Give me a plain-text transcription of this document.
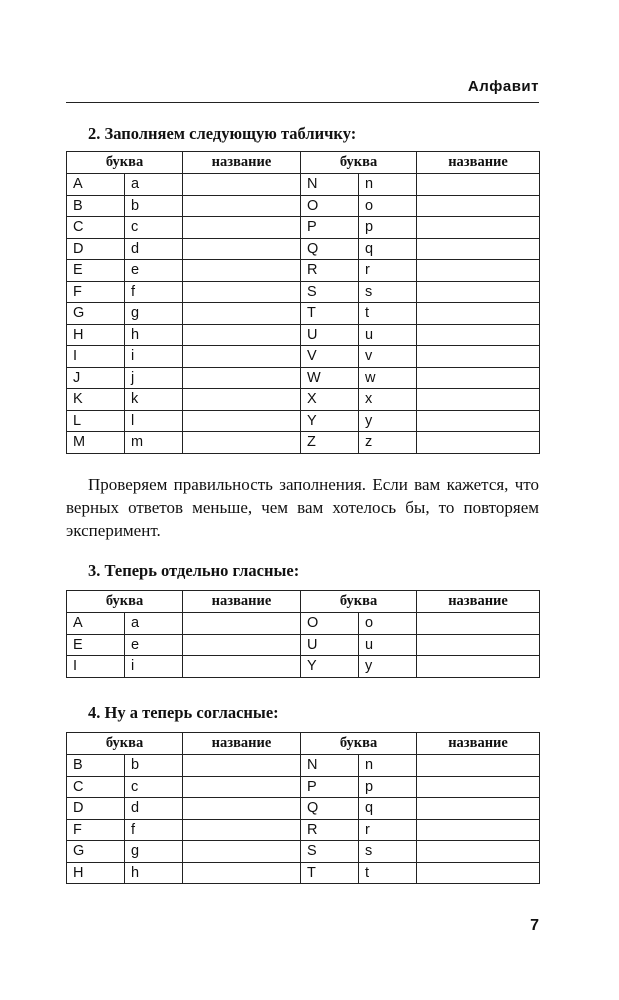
Алфавит
2. Заполняем следующую табличку:
буква		название	буква		название
A	a		N	n	
B	b		O	o	
C	c		P	p	
D	d		Q	q	
E	e		R	r	
F	f		S	s	
G	g		T	t	
H	h		U	u	
I	i		V	v	
J	j		W	w	
K	k		X	x	
L	l		Y	y	
M	m		Z	z	

Проверяем правильность заполнения. Если вам кажется, что верных ответов меньше, чем вам хотелось бы, то повторяем эксперимент.

3. Теперь отдельно гласные:
буква		название	буква		название
A	a		O	o	
E	e		U	u	
I	i		Y	y	
4. Ну а теперь согласные:
буква		название	буква		название
B	b		N	n	
C	c		P	p	
D	d		Q	q	
F	f		R	r	
G	g		S	s	
H	h		T	t	
7
